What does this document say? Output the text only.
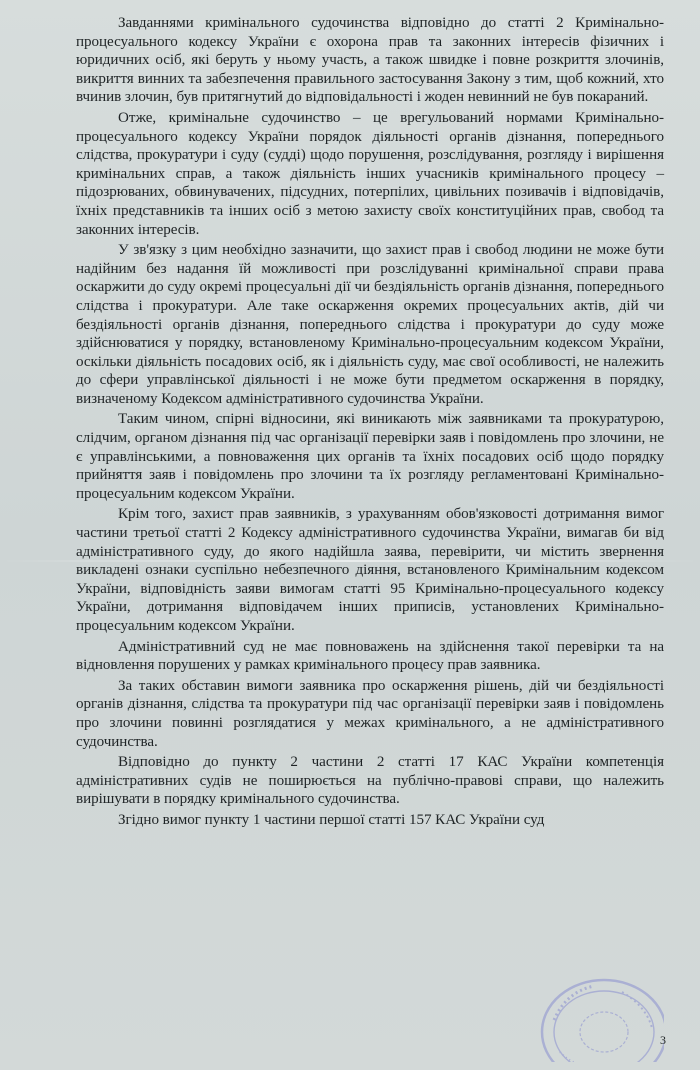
Завданнями кримінального судочинства відповідно до статті 2 Кримінально-процесуального кодексу України є охорона прав та законних інтересів фізичних і юридичних осіб, які беруть у ньому участь, а також швидке і повне розкриття злочинів, викриття винних та забезпечення правильного застосування Закону з тим, щоб кожний, хто вчинив злочин, був притягнутий до відповідальності і жоден невинний не був покараний.

Отже, кримінальне судочинство – це врегульований нормами Кримінально-процесуального кодексу України порядок діяльності органів дізнання, попереднього слідства, прокуратури і суду (судді) щодо порушення, розслідування, розгляду і вирішення кримінальних справ, а також діяльність інших учасників кримінального процесу – підозрюваних, обвинувачених, підсудних, потерпілих, цивільних позивачів і відповідачів, їхніх представників та інших осіб з метою захисту своїх конституційних прав, свобод та законних інтересів.

У зв'язку з цим необхідно зазначити, що захист прав і свобод людини не може бути надійним без надання їй можливості при розслідуванні кримінальної справи права оскаржити до суду окремі процесуальні дії чи бездіяльність органів дізнання, попереднього слідства і прокуратури. Але таке оскарження окремих процесуальних актів, дій чи бездіяльності органів дізнання, попереднього слідства і прокуратури до суду може здійснюватися у порядку, встановленому Кримінально-процесуальним кодексом України, оскільки діяльність посадових осіб, як і діяльність суду, має свої особливості, не належить до сфери управлінської діяльності і не може бути предметом оскарження в порядку, визначеному Кодексом адміністративного судочинства України.

Таким чином, спірні відносини, які виникають між заявниками та прокуратурою, слідчим, органом дізнання під час організації перевірки заяв і повідомлень про злочини, не є управлінськими, а повноваження цих органів та їхніх посадових осіб щодо порядку прийняття заяв і повідомлень про злочини та їх розгляду регламентовані Кримінально-процесуальним кодексом України.

Крім того, захист прав заявників, з урахуванням обов'язковості дотримання вимог частини третьої статті 2 Кодексу адміністративного судочинства України, вимагав би від адміністративного суду, до якого надійшла заява, перевірити, чи містить звернення викладені ознаки суспільно небезпечного діяння, встановленого Кримінальним кодексом України, відповідність заяви вимогам статті 95 Кримінально-процесуального кодексу України, дотримання відповідачем інших приписів, установлених Кримінально-процесуальним кодексом України.

Адміністративний суд не має повноважень на здійснення такої перевірки та на відновлення порушених у рамках кримінального процесу прав заявника.

За таких обставин вимоги заявника про оскарження рішень, дій чи бездіяльності органів дізнання, слідства та прокуратури під час організації перевірки заяв і повідомлень про злочини повинні розглядатися у межах кримінального, а не адміністративного судочинства.

Відповідно до пункту 2 частини 2 статті 17 КАС України компетенція адміністративних судів не поширюється на публічно-правові справи, що належить вирішувати в порядку кримінального судочинства.

Згідно вимог пункту 1 частини першої статті 157 КАС України суд

3
